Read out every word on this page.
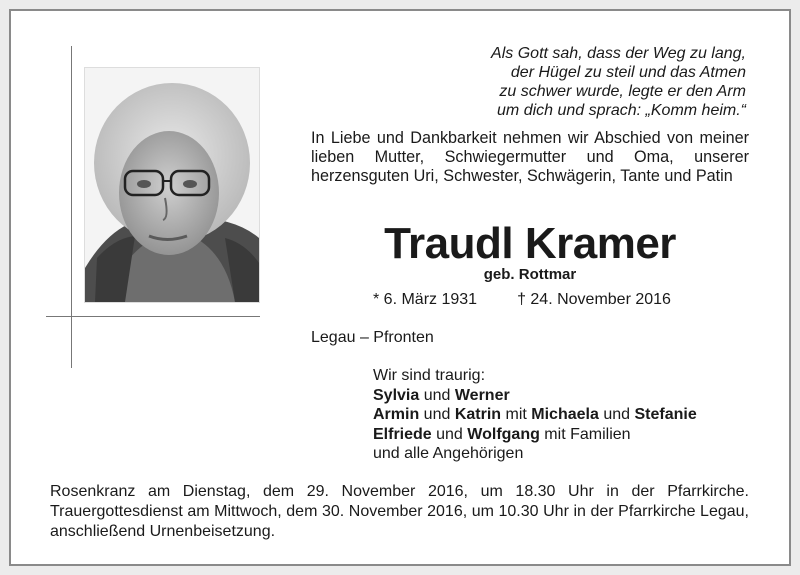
Als Gott sah, dass der Weg zu lang,
der Hügel zu steil und das Atmen
zu schwer wurde, legte er den Arm
um dich und sprach: „Komm heim.“
In Liebe und Dankbarkeit nehmen wir Abschied von meiner lieben Mutter, Schwiegermutter und Oma, unserer herzensguten Uri, Schwester, Schwägerin, Tante und Patin
Traudl Kramer
geb. Rottmar
* 6. März 1931	† 24. November 2016
Legau – Pfronten
Wir sind traurig:
Sylvia und Werner
Armin und Katrin mit Michaela und Stefanie
Elfriede und Wolfgang mit Familien
und alle Angehörigen
Rosenkranz am Dienstag, dem 29. November 2016, um 18.30 Uhr in der Pfarrkirche. Trauergottesdienst am Mittwoch, dem 30. November 2016, um 10.30 Uhr in der Pfarrkirche Legau, anschließend Urnenbeisetzung.
